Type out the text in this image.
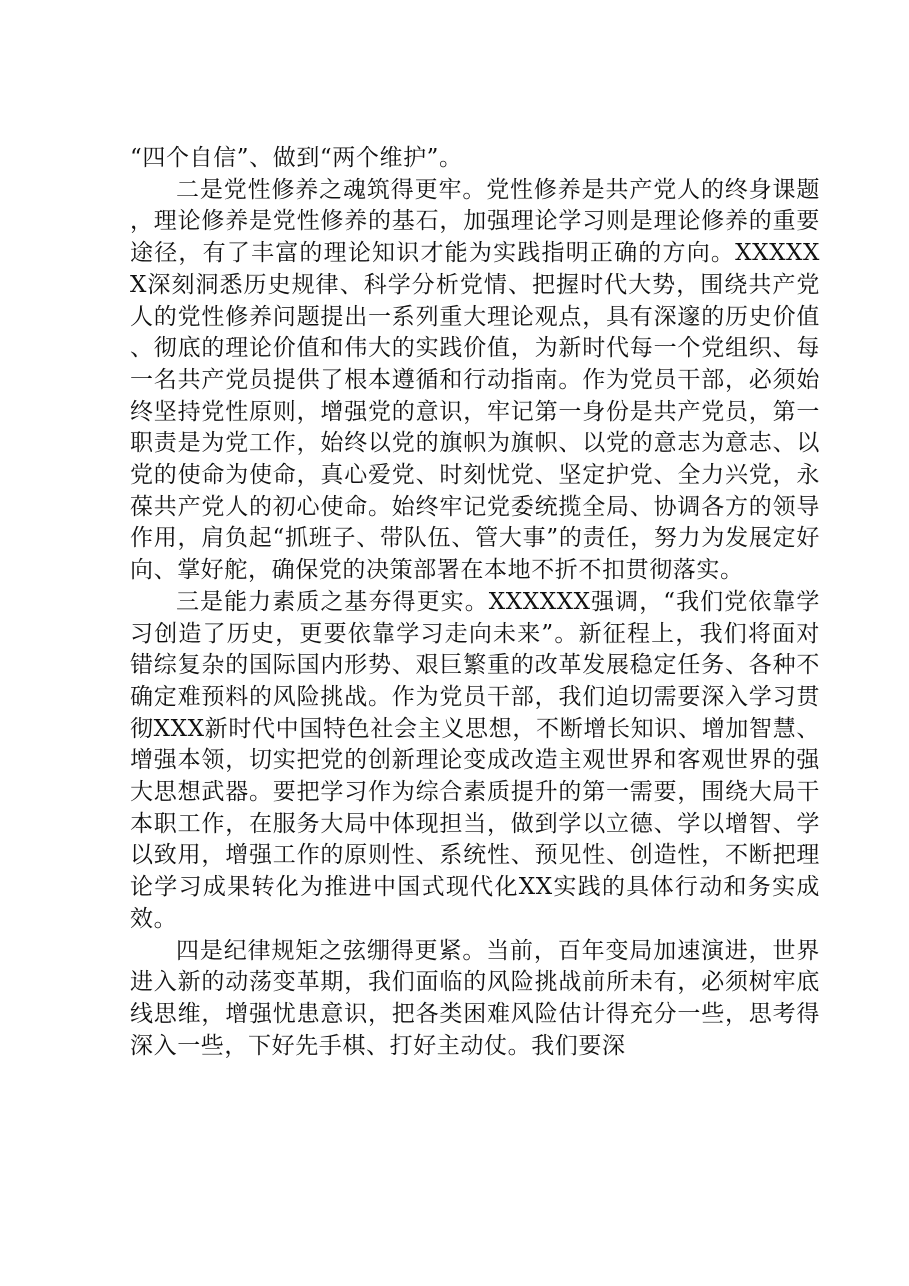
“四个自信”、做到“两个维护”。

二是党性修养之魂筑得更牢。党性修养是共产党人的终身课题，理论修养是党性修养的基石，加强理论学习则是理论修养的重要途径，有了丰富的理论知识才能为实践指明正确的方向。XXXXXX深刻洞悉历史规律、科学分析党情、把握时代大势，围绕共产党人的党性修养问题提出一系列重大理论观点，具有深邃的历史价值、彻底的理论价值和伟大的实践价值，为新时代每一个党组织、每一名共产党员提供了根本遵循和行动指南。作为党员干部，必须始终坚持党性原则，增强党的意识，牢记第一身份是共产党员，第一职责是为党工作，始终以党的旗帜为旗帜、以党的意志为意志、以党的使命为使命，真心爱党、时刻忧党、坚定护党、全力兴党，永葆共产党人的初心使命。始终牢记党委统揽全局、协调各方的领导作用，肩负起“抓班子、带队伍、管大事”的责任，努力为发展定好向、掌好舵，确保党的决策部署在本地不折不扣贯彻落实。

三是能力素质之基夯得更实。XXXXXX强调，“我们党依靠学习创造了历史，更要依靠学习走向未来”。新征程上，我们将面对错综复杂的国际国内形势、艰巨繁重的改革发展稳定任务、各种不确定难预料的风险挑战。作为党员干部，我们迫切需要深入学习贯彻XXX新时代中国特色社会主义思想，不断增长知识、增加智慧、增强本领，切实把党的创新理论变成改造主观世界和客观世界的强大思想武器。要把学习作为综合素质提升的第一需要，围绕大局干本职工作，在服务大局中体现担当，做到学以立德、学以增智、学以致用，增强工作的原则性、系统性、预见性、创造性，不断把理论学习成果转化为推进中国式现代化XX实践的具体行动和务实成效。

四是纪律规矩之弦绷得更紧。当前，百年变局加速演进，世界进入新的动荡变革期，我们面临的风险挑战前所未有，必须树牢底线思维，增强忧患意识，把各类困难风险估计得充分一些，思考得深入一些，下好先手棋、打好主动仗。我们要深
